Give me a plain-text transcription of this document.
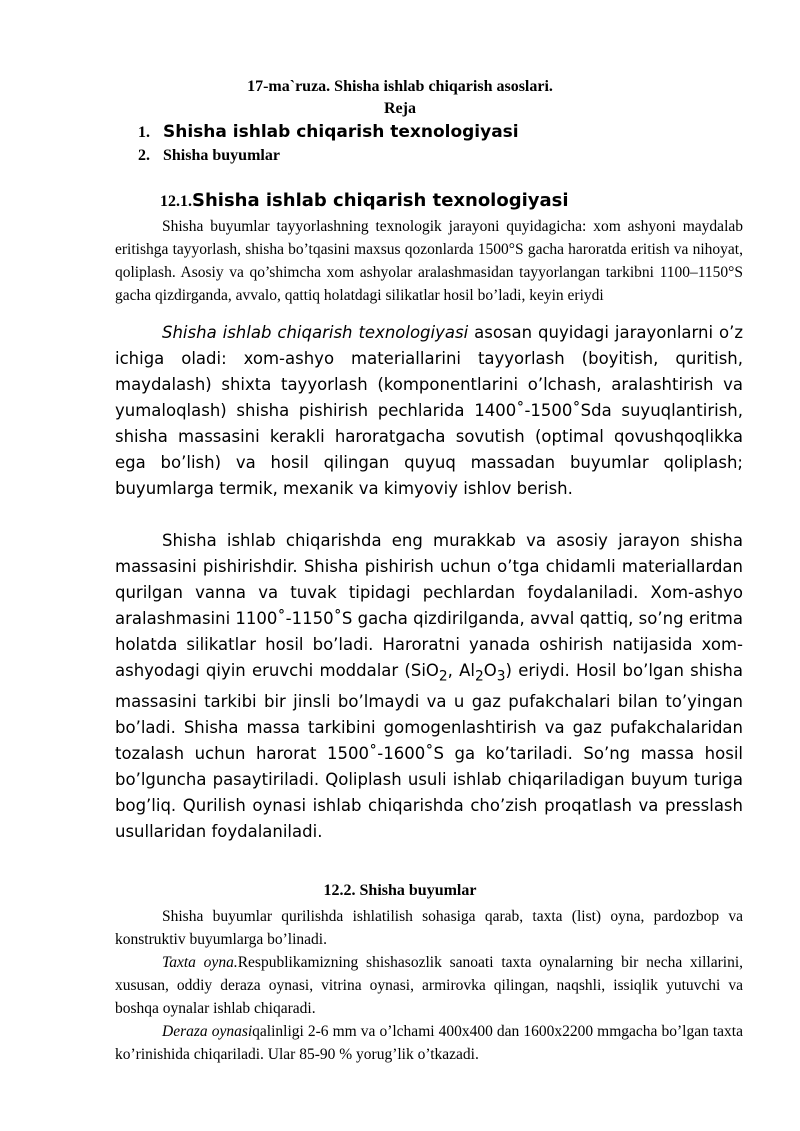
17-ma`ruza. Shisha ishlab chiqarish asoslari.
Reja
1. Shisha ishlab chiqarish texnologiyasi
2. Shisha buyumlar
12.1.Shisha ishlab chiqarish texnologiyasi
Shisha buyumlar tayyorlashning texnologik jarayoni quyidagicha: xom ashyoni maydalab eritishga tayyorlash, shisha bo’tqasini maxsus qozonlarda 1500°S gacha haroratda eritish va nihoyat, qoliplash. Asosiy va qo’shimcha xom ashyolar aralashmasidan tayyorlangan tarkibni 1100–1150°S gacha qizdirganda, avvalo, qattiq holatdagi silikatlar hosil bo’ladi, keyin eriydi
Shisha ishlab chiqarish texnologiyasi asosan quyidagi jarayonlarni o’z ichiga oladi: xom-ashyo materiallarini tayyorlash (boyitish, quritish, maydalash) shixta tayyorlash (komponentlarini o’lchash, aralashtirish va yumaloqlash) shisha pishirish pechlarida 1400˚-1500˚Sda suyuqlantirish, shisha massasini kerakli haroratgacha sovutish (optimal qovushqoqlikka ega bo’lish) va hosil qilingan quyuq massadan buyumlar qoliplash; buyumlarga termik, mexanik va kimyoviy ishlov berish.
Shisha ishlab chiqarishda eng murakkab va asosiy jarayon shisha massasini pishirishdir. Shisha pishirish uchun o’tga chidamli materiallardan qurilgan vanna va tuvak tipidagi pechlardan foydalaniladi. Xom-ashyo aralashmasini 1100˚-1150˚S gacha qizdirilganda, avval qattiq, so’ng eritma holatda silikatlar hosil bo’ladi. Haroratni yanada oshirish natijasida xom-ashyodagi qiyin eruvchi moddalar (SiO$_2$, $Al_2O_3$) eriydi. Hosil bo’lgan shisha massasini tarkibi bir jinsli bo’lmaydi va u gaz pufakchalari bilan to’yingan bo’ladi. Shisha massa tarkibini gomogenlashtirish va gaz pufakchalaridan tozalash uchun harorat 1500˚-1600˚S ga ko’tariladi. So’ng massa hosil bo’lguncha pasaytiriladi. Qoliplash usuli ishlab chiqariladigan buyum turiga bog’liq. Qurilish oynasi ishlab chiqarishda cho’zish proqatlash va presslash usullaridan foydalaniladi.
12.2. Shisha buyumlar
Shisha buyumlar qurilishda ishlatilish sohasiga qarab, taxta (list) oyna, pardozbop va konstruktiv buyumlarga bo’linadi.
Taxta oyna.Respublikamizning shishasozlik sanoati taxta oynalarning bir necha xillarini, xususan, oddiy deraza oynasi, vitrina oynasi, armirovka qilingan, naqshli, issiqlik yutuvchi va boshqa oynalar ishlab chiqaradi.
Deraza oynasiqalinligi 2-6 mm va o’lchami 400x400 dan 1600x2200 mmgacha bo’lgan taxta ko’rinishida chiqariladi. Ular 85-90 % yorug’lik o’tkazadi.
